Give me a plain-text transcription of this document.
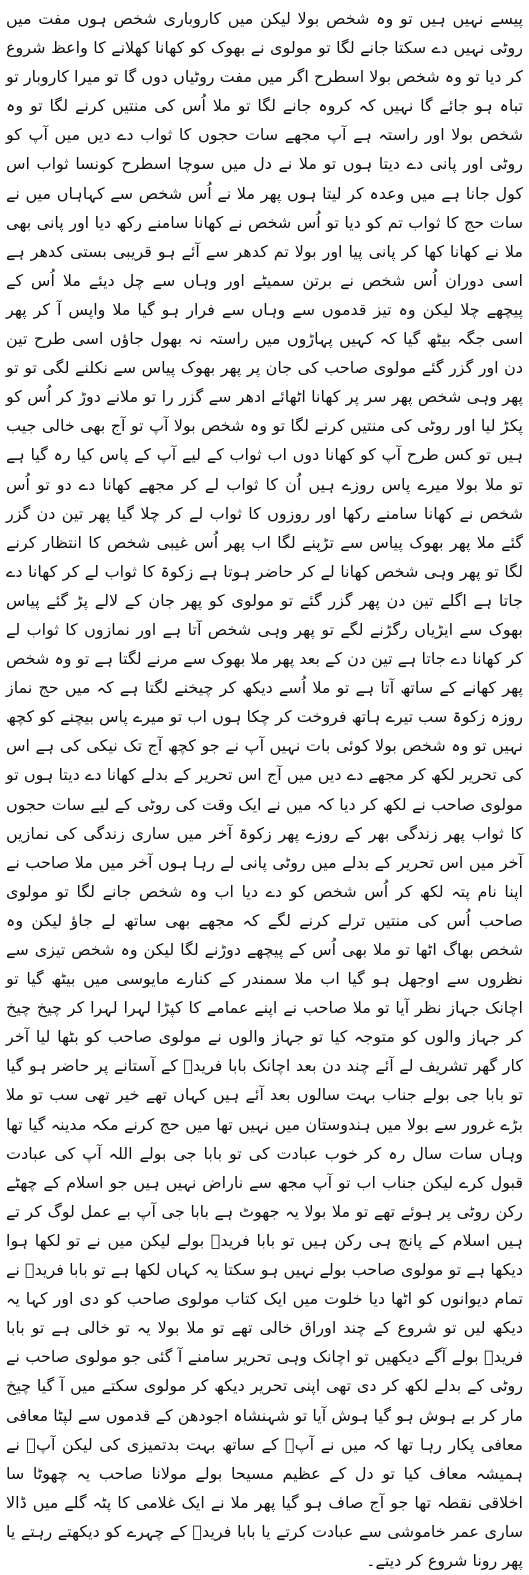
پیسے نہیں ہیں تو وہ شخص بولا لیکن میں کاروباری شخص ہوں مفت میں روٹی نہیں دے سکتا جانے لگا تو مولوی نے بھوک کو کھانا کھلانے کا واعظ شروع کر دیا تو وہ شخص بولا اسطرح اگر میں مفت روٹیاں دوں گا تو میرا کاروبار تو تباہ ہو جائے گا نہیں کہ کروہ جانے لگا تو ملا اُس کی منتیں کرنے لگا تو وہ شخص بولا اور راستہ ہے آپ مجھے سات حجوں کا ثواب دے دیں میں آپ کو روٹی اور پانی دے دیتا ہوں تو ملا نے دل میں سوچا اسطرح کونسا ثواب اس کول جانا ہے میں وعدہ کر لیتا ہوں پھر ملا نے اُس شخص سے کہاہاں میں نے سات حج کا ثواب تم کو دیا تو اُس شخص نے کھانا سامنے رکھ دیا اور پانی بھی ملا نے کھانا کھا کر پانی پیا اور بولا تم کدھر سے آئے ہو قریبی بستی کدھر ہے اسی دوران اُس شخص نے برتن سمیٹے اور وہاں سے چل دیئے ملا اُس کے پیچھے چلا لیکن وہ تیز قدموں سے وہاں سے فرار ہو گیا ملا واپس آ کر پھر اسی جگہ بیٹھ گیا کہ کہیں پہاڑوں میں راستہ نہ بھول جاؤں اسی طرح تین دن اور گزر گئے مولوی صاحب کی جان پر پھر بھوک پیاس سے نکلنے لگی تو تو پھر وہی شخص پھر سر پر کھانا اٹھائے ادھر سے گزر را تو ملانے دوڑ کر اُس کو پکڑ لیا اور روٹی کی منتیں کرنے لگا تو وہ شخص بولا آپ تو آج بھی خالی جیب ہیں تو کس طرح آپ کو کھانا دوں اب ثواب کے لیے آپ کے پاس کیا رہ گیا ہے تو ملا بولا میرے پاس روزے ہیں اُن کا ثواب لے کر مجھے کھانا دے دو تو اُس شخص نے کھانا سامنے رکھا اور روزوں کا ثواب لے کر چلا گیا پھر تین دن گزر گئے ملا پھر بھوک پیاس سے تڑپنے لگا اب پھر اُس غیبی شخص کا انتظار کرنے لگا تو پھر وہی شخص کھانا لے کر حاضر ہوتا ہے زکوۃ کا ثواب لے کر کھانا دے جاتا ہے اگلے تین دن پھر گزر گئے تو مولوی کو پھر جان کے لالے پڑ گئے پیاس بھوک سے ایڑیاں رگڑنے لگے تو پھر وہی شخص آتا ہے اور نمازوں کا ثواب لے کر کھانا دے جاتا ہے تین دن کے بعد پھر ملا بھوک سے مرنے لگتا ہے تو وہ شخص پھر کھانے کے ساتھ آتا ہے تو ملا اُسے دیکھ کر چیخنے لگتا ہے کہ میں حج نماز روزہ زکوۃ سب تیرے ہاتھ فروخت کر چکا ہوں اب تو میرے پاس بیچنے کو کچھ نہیں تو وہ شخص بولا کوئی بات نہیں آپ نے جو کچھ آج تک نیکی کی ہے اس کی تحریر لکھ کر مجھے دے دیں میں آج اس تحریر کے بدلے کھانا دے دیتا ہوں تو مولوی صاحب نے لکھ کر دیا کہ میں نے ایک وقت کی روٹی کے لیے سات حجوں کا ثواب پھر زندگی بھر کے روزے پھر زکوۃ آخر میں ساری زندگی کی نمازیں آخر میں اس تحریر کے بدلے میں روٹی پانی لے رہا ہوں آخر میں ملا صاحب نے اپنا نام پتہ لکھ کر اُس شخص کو دے دیا اب وہ شخص جانے لگا تو مولوی صاحب اُس کی منتیں ترلے کرنے لگے کہ مجھے بھی ساتھ لے جاؤ لیکن وہ شخص بھاگ اٹھا تو ملا بھی اُس کے پیچھے دوڑنے لگا لیکن وہ شخص تیزی سے نظروں سے اوجھل ہو گیا اب ملا سمندر کے کنارے مایوسی میں بیٹھ گیا تو اچانک جہاز نظر آیا تو ملا صاحب نے اپنے عمامے کا کپڑا لہرا لہرا کر چیخ چیخ کر جہاز والوں کو متوجہ کیا تو جہاز والوں نے مولوی صاحب کو بٹھا لیا آخر کار گھر تشریف لے آئے چند دن بعد اچانک بابا فریدؒ کے آستانے پر حاضر ہو گیا تو بابا جی بولے جناب بہت سالوں بعد آئے ہیں کہاں تھے خیر تھی سب تو ملا بڑے غرور سے بولا میں ہندوستان میں نہیں تھا میں حج کرنے مکہ مدینہ گیا تھا وہاں سات سال رہ کر خوب عبادت کی تو بابا جی بولے اللہ آپ کی عبادت قبول کرے لیکن جناب اب تو آپ مجھ سے ناراض نہیں ہیں جو اسلام کے چھٹے رکن روٹی پر ہوئے تھے تو ملا بولا یہ جھوٹ ہے بابا جی آپ بے عمل لوگ کر تے ہیں اسلام کے پانچ ہی رکن ہیں تو بابا فریدؒ بولے لیکن میں نے تو لکھا ہوا دیکھا ہے تو مولوی صاحب بولے نہیں ہو سکتا یہ کہاں لکھا ہے تو بابا فریدؒ نے تمام دیوانوں کو اٹھا دیا خلوت میں ایک کتاب مولوی صاحب کو دی اور کہا یہ دیکھ لیں تو شروع کے چند اوراق خالی تھے تو ملا بولا یہ تو خالی ہے تو بابا فریدؒ بولے آگے دیکھیں تو اچانک وہی تحریر سامنے آ گئی جو مولوی صاحب نے روٹی کے بدلے لکھ کر دی تھی اپنی تحریر دیکھ کر مولوی سکتے میں آ گیا چیخ مار کر بے ہوش ہو گیا ہوش آیا تو شہنشاہ اجودھن کے قدموں سے لپٹا معافی معافی پکار رہا تھا کہ میں نے آپؒ کے ساتھ بہت بدتمیزی کی لیکن آپؒ نے ہمیشہ معاف کیا تو دل کے عظیم مسیحا بولے مولانا صاحب یہ چھوٹا سا اخلاقی نقطہ تھا جو آج صاف ہو گیا پھر ملا نے ایک غلامی کا پٹہ گلے میں ڈالا ساری عمر خاموشی سے عبادت کرتے یا بابا فریدؒ کے چہرے کو دیکھتے رہتے یا پھر رونا شروع کر دیتے۔
